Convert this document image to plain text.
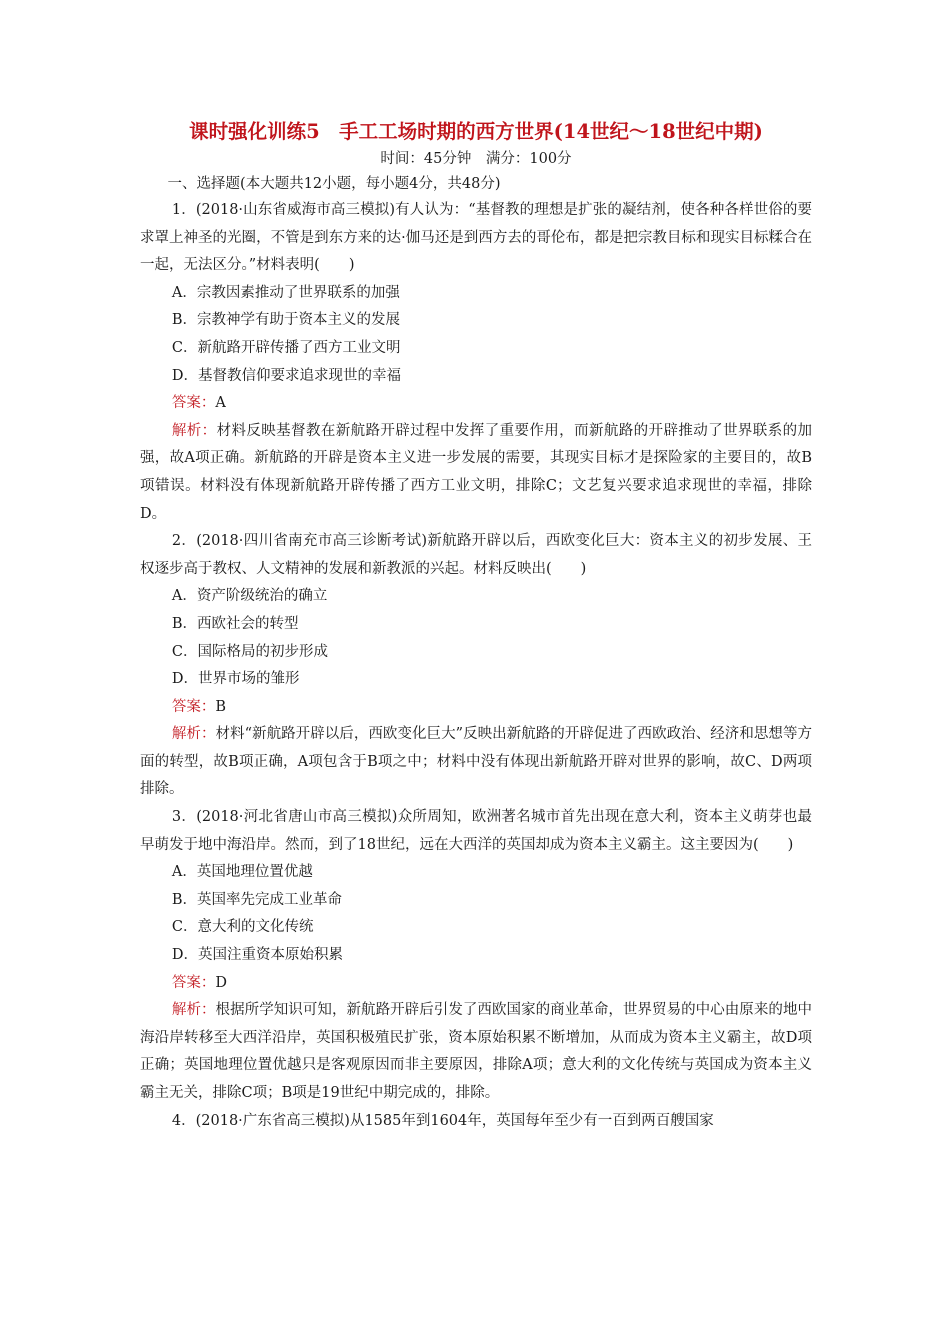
课时强化训练5　手工工场时期的西方世界(14世纪～18世纪中期)

时间：45分钟　满分：100分

一、选择题(本大题共12小题，每小题4分，共48分)

1．(2018·山东省威海市高三模拟)有人认为：“基督教的理想是扩张的凝结剂，使各种各样世俗的要求罩上神圣的光圈，不管是到东方来的达·伽马还是到西方去的哥伦布，都是把宗教目标和现实目标糅合在一起，无法区分。”材料表明(　　)

A．宗教因素推动了世界联系的加强

B．宗教神学有助于资本主义的发展

C．新航路开辟传播了西方工业文明

D．基督教信仰要求追求现世的幸福

答案：A

解析：材料反映基督教在新航路开辟过程中发挥了重要作用，而新航路的开辟推动了世界联系的加强，故A项正确。新航路的开辟是资本主义进一步发展的需要，其现实目标才是探险家的主要目的，故B项错误。材料没有体现新航路开辟传播了西方工业文明，排除C；文艺复兴要求追求现世的幸福，排除D。

2．(2018·四川省南充市高三诊断考试)新航路开辟以后，西欧变化巨大：资本主义的初步发展、王权逐步高于教权、人文精神的发展和新教派的兴起。材料反映出(　　)

A．资产阶级统治的确立

B．西欧社会的转型

C．国际格局的初步形成

D．世界市场的雏形

答案：B

解析：材料“新航路开辟以后，西欧变化巨大”反映出新航路的开辟促进了西欧政治、经济和思想等方面的转型，故B项正确，A项包含于B项之中；材料中没有体现出新航路开辟对世界的影响，故C、D两项排除。

3．(2018·河北省唐山市高三模拟)众所周知，欧洲著名城市首先出现在意大利，资本主义萌芽也最早萌发于地中海沿岸。然而，到了18世纪，远在大西洋的英国却成为资本主义霸主。这主要因为(　　)

A．英国地理位置优越

B．英国率先完成工业革命

C．意大利的文化传统

D．英国注重资本原始积累

答案：D

解析：根据所学知识可知，新航路开辟后引发了西欧国家的商业革命，世界贸易的中心由原来的地中海沿岸转移至大西洋沿岸，英国积极殖民扩张，资本原始积累不断增加，从而成为资本主义霸主，故D项正确；英国地理位置优越只是客观原因而非主要原因，排除A项；意大利的文化传统与英国成为资本主义霸主无关，排除C项；B项是19世纪中期完成的，排除。

4．(2018·广东省高三模拟)从1585年到1604年，英国每年至少有一百到两百艘国家
